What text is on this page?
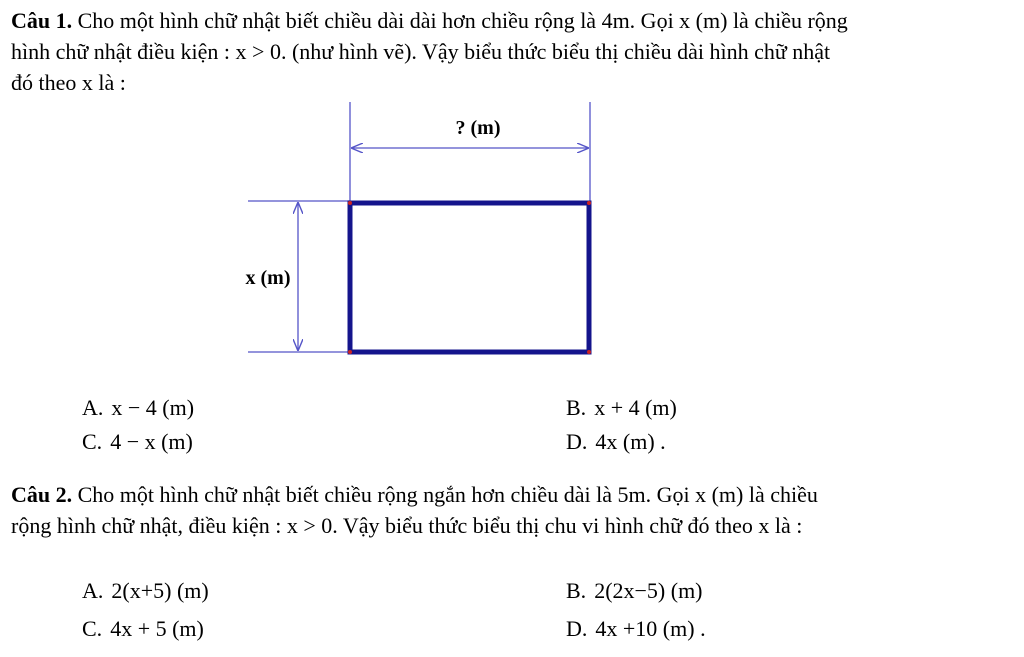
Câu 1. Cho một hình chữ nhật biết chiều dài dài hơn chiều rộng là 4m. Gọi x (m) là chiều rộng
hình chữ nhật điều kiện : x > 0. (như hình vẽ). Vậy biểu thức biểu thị chiều dài hình chữ nhật
đó theo x là :
? (m)
x (m)
A. x − 4 (m)	B. x + 4 (m)
C. 4 − x (m)	D. 4x (m) .
Câu 2. Cho một hình chữ nhật biết chiều rộng ngắn hơn chiều dài là 5m. Gọi x (m) là chiều
rộng hình chữ nhật, điều kiện : x > 0. Vậy biểu thức biểu thị chu vi hình chữ đó theo x là :
A. 2(x+5) (m)	B. 2(2x−5) (m)
C. 4x + 5 (m)	D. 4x +10 (m) .
